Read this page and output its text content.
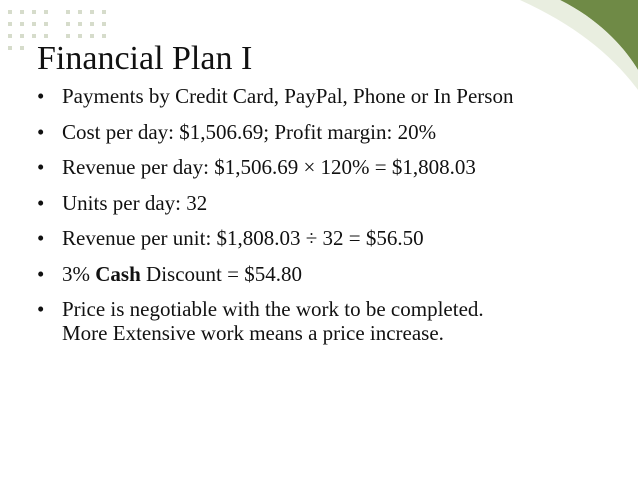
Financial Plan I
• Payments by Credit Card, PayPal, Phone or In Person
• Cost per day: $1,506.69; Profit margin: 20%
• Revenue per day: $1,506.69 × 120% = $1,808.03
• Units per day: 32
• Revenue per unit: $1,808.03 ÷ 32 = $56.50
• 3% Cash Discount = $54.80
• Price is negotiable with the work to be completed.
More Extensive work means a price increase.
